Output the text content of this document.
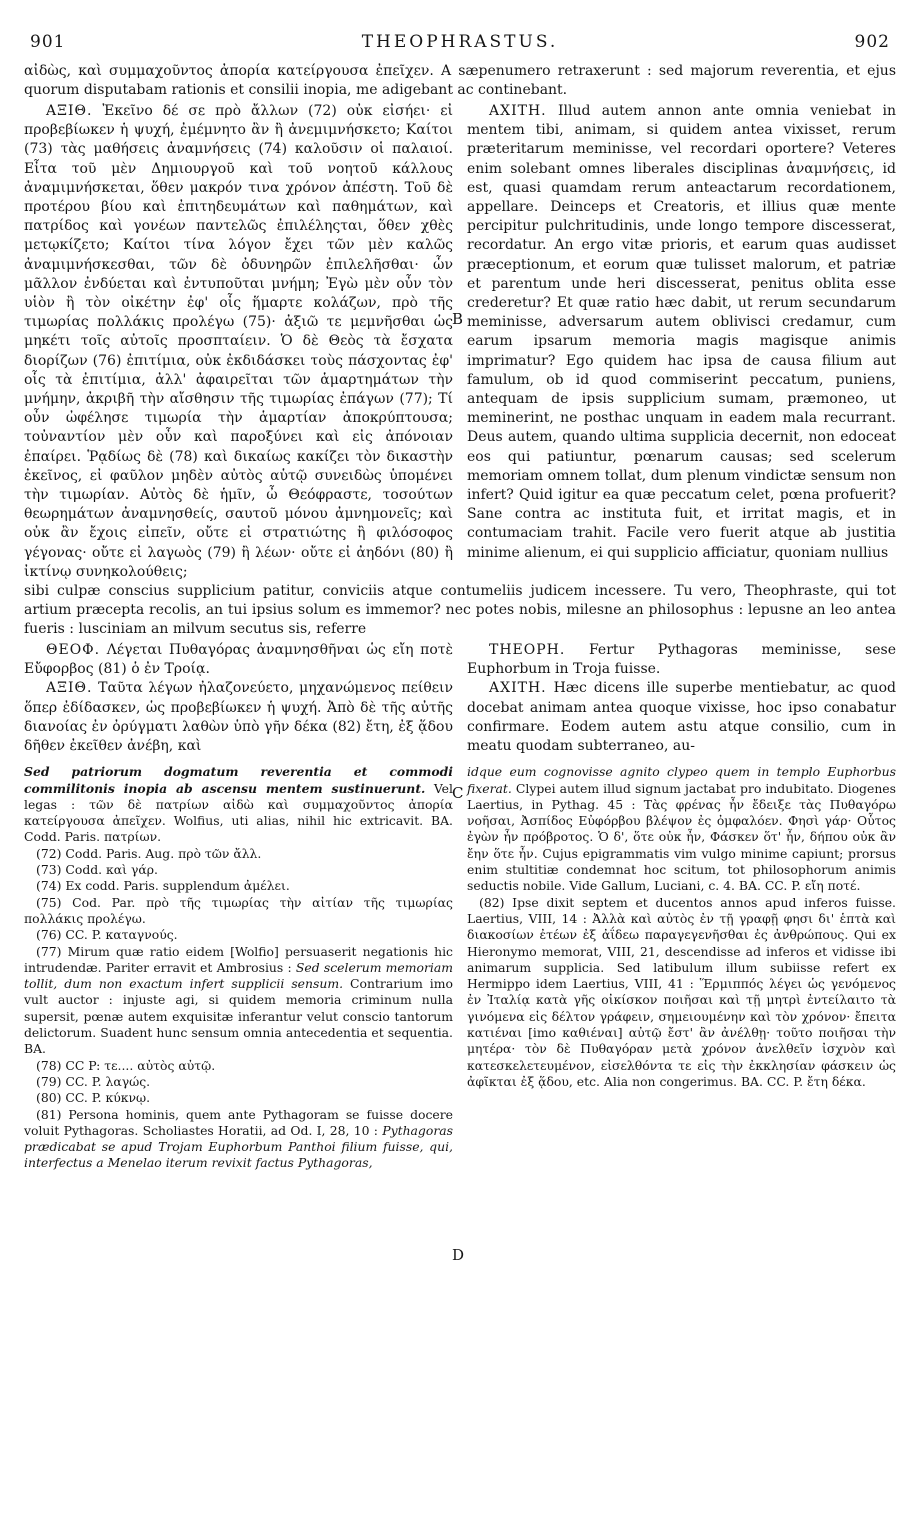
901	THEOPHRASTUS.	902

αἰδὼς, καὶ συμμαχοῦντος ἀπορία κατείργουσα ἐπεῖχεν. A sæpenumero retraxerunt : sed majorum reverentia, et ejus quorum disputabam rationis et consilii inopia, me adigebant ac continebant.

ΑΞΙΘ. Ἐκεῖνο δέ σε πρὸ ἄλλων (72) οὐκ εἰσήει· εἰ προβεβίωκεν ἡ ψυχή, ἐμέμνητο ἂν ἢ ἀνεμιμνήσκετο; Καίτοι (73) τὰς μαθήσεις ἀναμνήσεις (74) καλοῦσιν οἱ παλαιοί. Εἶτα τοῦ μὲν Δημιουργοῦ καὶ τοῦ νοητοῦ κάλλους ἀναμιμνήσκεται, ὅθεν μακρόν τινα χρόνον ἀπέστη. Τοῦ δὲ προτέρου βίου καὶ ἐπιτηδευμάτων καὶ παθημάτων, καὶ πατρίδος καὶ γονέων παντελῶς ἐπιλέληςται, ὅθεν χθὲς μετῳκίζετο; Καίτοι τίνα λόγον ἔχει τῶν μὲν καλῶς ἀναμιμνήσκεσθαι, τῶν δὲ ὀδυνηρῶν ἐπιλελῆσθαι· ὧν μᾶλλον ἐνδύεται καὶ ἐντυποῦται μνήμη; Ἐγὼ μὲν οὖν τὸν υἱὸν ἢ τὸν οἰκέτην ἐφ' οἷς ἥμαρτε κολάζων, πρὸ τῆς τιμωρίας πολλάκις προλέγω (75)· ἀξιῶ τε μεμνῆσθαι ὡς μηκέτι τοῖς αὐτοῖς προσπταίειν. Ὁ δὲ Θεὸς τὰ ἔσχατα διορίζων (76) ἐπιτίμια, οὐκ ἐκδιδάσκει τοὺς πάσχοντας ἐφ' οἷς τὰ ἐπιτίμια, ἀλλ' ἀφαιρεῖται τῶν ἁμαρτημάτων τὴν μνήμην, ἀκριβῆ τὴν αἴσθησιν τῆς τιμωρίας ἐπάγων (77); Τί οὖν ὠφέλησε τιμωρία τὴν ἁμαρτίαν ἀποκρύπτουσα; τοὐναντίον μὲν οὖν καὶ παροξύνει καὶ εἰς ἀπόνοιαν ἐπαίρει. Ῥᾳδίως δὲ (78) καὶ δικαίως κακίζει τὸν δικαστὴν ἐκεῖνος, εἰ φαῦλον μηδὲν αὐτὸς αὑτῷ συνειδὼς ὑπομένει τὴν τιμωρίαν. Αὐτὸς δὲ ἡμῖν, ὦ Θεόφραστε, τοσούτων θεωρημάτων ἀναμνησθείς, σαυτοῦ μόνου ἀμνημονεῖς; καὶ οὐκ ἂν ἔχοις εἰπεῖν, οὔτε εἰ στρατιώτης ἢ φιλόσοφος γέγονας· οὔτε εἰ λαγωὸς (79) ἢ λέων· οὔτε εἰ ἀηδόνι (80) ἢ ἰκτίνῳ συνηκολούθεις;

AXITH. Illud autem annon ante omnia veniebat in mentem tibi, animam, si quidem antea vixisset, rerum præteritarum meminisse, vel recordari oportere? Veteres enim solebant omnes liberales disciplinas ἀναμνήσεις, id est, quasi quamdam rerum anteactarum recordationem, appellare. Deinceps et Creatoris, et illius quæ mente percipitur pulchritudinis, unde longo tempore discesserat, recordatur. An ergo vitæ prioris, et earum quas audisset præceptionum, et eorum quæ tulisset malorum, et patriæ et parentum unde heri discesserat, penitus oblita esse crederetur? Et quæ ratio hæc dabit, ut rerum secundarum meminisse, adversarum autem oblivisci credamur, cum earum ipsarum memoria magis magisque animis imprimatur? Ego quidem hac ipsa de causa filium aut famulum, ob id quod commiserint peccatum, puniens, antequam de ipsis supplicium sumam, præmoneo, ut meminerint, ne posthac unquam in eadem mala recurrant. Deus autem, quando ultima supplicia decernit, non edoceat eos qui patiuntur, pœnarum causas; sed scelerum memoriam omnem tollat, dum plenum vindictæ sensum non infert? Quid igitur ea quæ peccatum celet, pœna profuerit? Sane contra ac instituta fuit, et irritat magis, et in contumaciam trahit. Facile vero fuerit atque ab justitia minime alienum, ei qui supplicio afficiatur, quoniam nullius

sibi culpæ conscius supplicium patitur, conviciis atque contumeliis judicem incessere. Tu vero, Theophraste, qui tot artium præcepta recolis, an tui ipsius solum es immemor? nec potes nobis, milesne an philosophus : lepusne an leo antea fueris : lusciniam an milvum secutus sis, referre

ΘΕΟΦ. Λέγεται Πυθαγόρας ἀναμνησθῆναι ὡς εἴη ποτὲ Εὔφορβος (81) ὁ ἐν Τροίᾳ.

ΑΞΙΘ. Ταῦτα λέγων ἠλαζονεύετο, μηχανώμενος πείθειν ὅπερ ἐδίδασκεν, ὡς προβεβίωκεν ἡ ψυχή. Ἀπὸ δὲ τῆς αὐτῆς διανοίας ἐν ὀρύγματι λαθὼν ὑπὸ γῆν δέκα (82) ἔτη, ἐξ ᾅδου δῆθεν ἐκεῖθεν ἀνέβη, καὶ

THEOPH. Fertur Pythagoras meminisse, sese Euphorbum in Troja fuisse.

AXITH. Hæc dicens ille superbe mentiebatur, ac quod docebat animam antea quoque vixisse, hoc ipso conabatur confirmare. Eodem autem astu atque consilio, cum in meatu quodam subterraneo, au-

Sed patriorum dogmatum reverentia et commodi commilitonis inopia ab ascensu mentem sustinuerunt. Vel legas : τῶν δὲ πατρίων αἰδὼ καὶ συμμαχοῦντος ἀπορία κατείργουσα ἀπεῖχεν. Wolfius, uti alias, nihil hic extricavit. BA. Codd. Paris. πατρίων.

(72) Codd. Paris. Aug. πρὸ τῶν ἄλλ.

(73) Codd. καὶ γάρ.

(74) Ex codd. Paris. supplendum ἀμέλει.

(75) Cod. Par. πρὸ τῆς τιμωρίας τὴν αἰτίαν τῆς τιμωρίας πολλάκις προλέγω.

(76) CC. P. καταγνούς.

(77) Mirum quæ ratio eidem [Wolfio] persuaserit negationis hic intrudendæ. Pariter erravit et Ambrosius : Sed scelerum memoriam tollit, dum non exactum infert supplicii sensum. Contrarium imo vult auctor : injuste agi, si quidem memoria criminum nulla supersit, pœnæ autem exquisitæ inferantur velut conscio tantorum delictorum. Suadent hunc sensum omnia antecedentia et sequentia. BA.

(78) CC P: τε.... αὐτὸς αὐτῷ.

(79) CC. P. λαγώς.

(80) CC. P. κύκνῳ.

(81) Persona hominis, quem ante Pythagoram se fuisse docere voluit Pythagoras. Scholiastes Horatii, ad Od. I, 28, 10 : Pythagoras prædicabat se apud Trojam Euphorbum Panthoi filium fuisse, qui, interfectus a Menelao iterum revixit factus Pythagoras,

idque eum cognovisse agnito clypeo quem in templo Euphorbus fixerat. Clypei autem illud signum jactabat pro indubitato. Diogenes Laertius, in Pythag. 45 : Τὰς φρένας ἦν ἔδειξε τὰς Πυθαγόρω νοῆσαι, Ἀσπίδος Εὐφόρβου βλέψον ἐς ὀμφαλόεν. Φησὶ γάρ· Οὗτος ἐγὼν ἦν πρόβροτος. Ὁ δ', ὅτε οὐκ ἦν, Φάσκεν ὅτ' ἦν, δήπου οὐκ ἂν ἔην ὅτε ἦν. Cujus epigrammatis vim vulgo minime capiunt; prorsus enim stultitiæ condemnat hoc scitum, tot philosophorum animis seductis nobile. Vide Gallum, Luciani, c. 4. BA. CC. P. εἴη ποτέ.

(82) Ipse dixit septem et ducentos annos apud inferos fuisse. Laertius, VIII, 14 : Ἀλλὰ καὶ αὐτὸς ἐν τῇ γραφῇ φησι δι' ἑπτὰ καὶ διακοσίων ἐτέων ἐξ ἀΐδεω παραγεγενῆσθαι ἐς ἀνθρώπους. Qui ex Hieronymo memorat, VIII, 21, descendisse ad inferos et vidisse ibi animarum supplicia. Sed latibulum illum subiisse refert ex Hermippo idem Laertius, VIII, 41 : Ἕρμιππός λέγει ὡς γενόμενος ἐν Ἰταλίᾳ κατὰ γῆς οἰκίσκον ποιῆσαι καὶ τῇ μητρὶ ἐντείλαιτο τὰ γινόμενα εἰς δέλτον γράφειν, σημειουμένην καὶ τὸν χρόνον· ἔπειτα κατιέναι [imo καθιέναι] αὐτῷ ἔστ' ἂν ἀνέλθῃ· τοῦτο ποιῆσαι τὴν μητέρα· τὸν δὲ Πυθαγόραν μετὰ χρόνον ἀνελθεῖν ἰσχνὸν καὶ κατεσκελετευμένον, εἰσελθόντα τε εἰς τὴν ἐκκλησίαν φάσκειν ὡς ἀφῖκται ἐξ ᾅδου, etc. Alia non congerimus. BA. CC. P. ἔτη δέκα.

B
C
D
